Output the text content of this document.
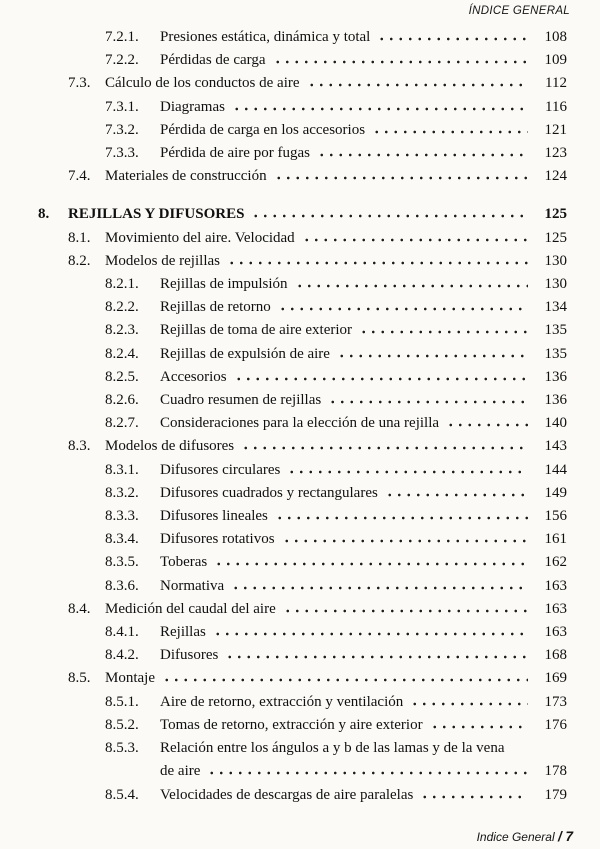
ÍNDICE GENERAL
7.2.1.	Presiones estática, dinámica y total	108
7.2.2.	Pérdidas de carga	109
7.3. Cálculo de los conductos de aire	112
7.3.1.	Diagramas	116
7.3.2.	Pérdida de carga en los accesorios	121
7.3.3.	Pérdida de aire por fugas	123
7.4. Materiales de construcción	124
8.	REJILLAS Y DIFUSORES	125
8.1. Movimiento del aire. Velocidad	125
8.2. Modelos de rejillas	130
8.2.1.	Rejillas de impulsión	130
8.2.2.	Rejillas de retorno	134
8.2.3.	Rejillas de toma de aire exterior	135
8.2.4.	Rejillas de expulsión de aire	135
8.2.5.	Accesorios	136
8.2.6.	Cuadro resumen de rejillas	136
8.2.7.	Consideraciones para la elección de una rejilla	140
8.3. Modelos de difusores	143
8.3.1.	Difusores circulares	144
8.3.2.	Difusores cuadrados y rectangulares	149
8.3.3.	Difusores lineales	156
8.3.4.	Difusores rotativos	161
8.3.5.	Toberas	162
8.3.6.	Normativa	163
8.4. Medición del caudal del aire	163
8.4.1.	Rejillas	163
8.4.2.	Difusores	168
8.5. Montaje	169
8.5.1.	Aire de retorno, extracción y ventilación	173
8.5.2.	Tomas de retorno, extracción y aire exterior	176
8.5.3.	Relación entre los ángulos a y b de las lamas y de la vena
de aire	178
8.5.4.	Velocidades de descargas de aire paralelas	179
Indice General / 7
